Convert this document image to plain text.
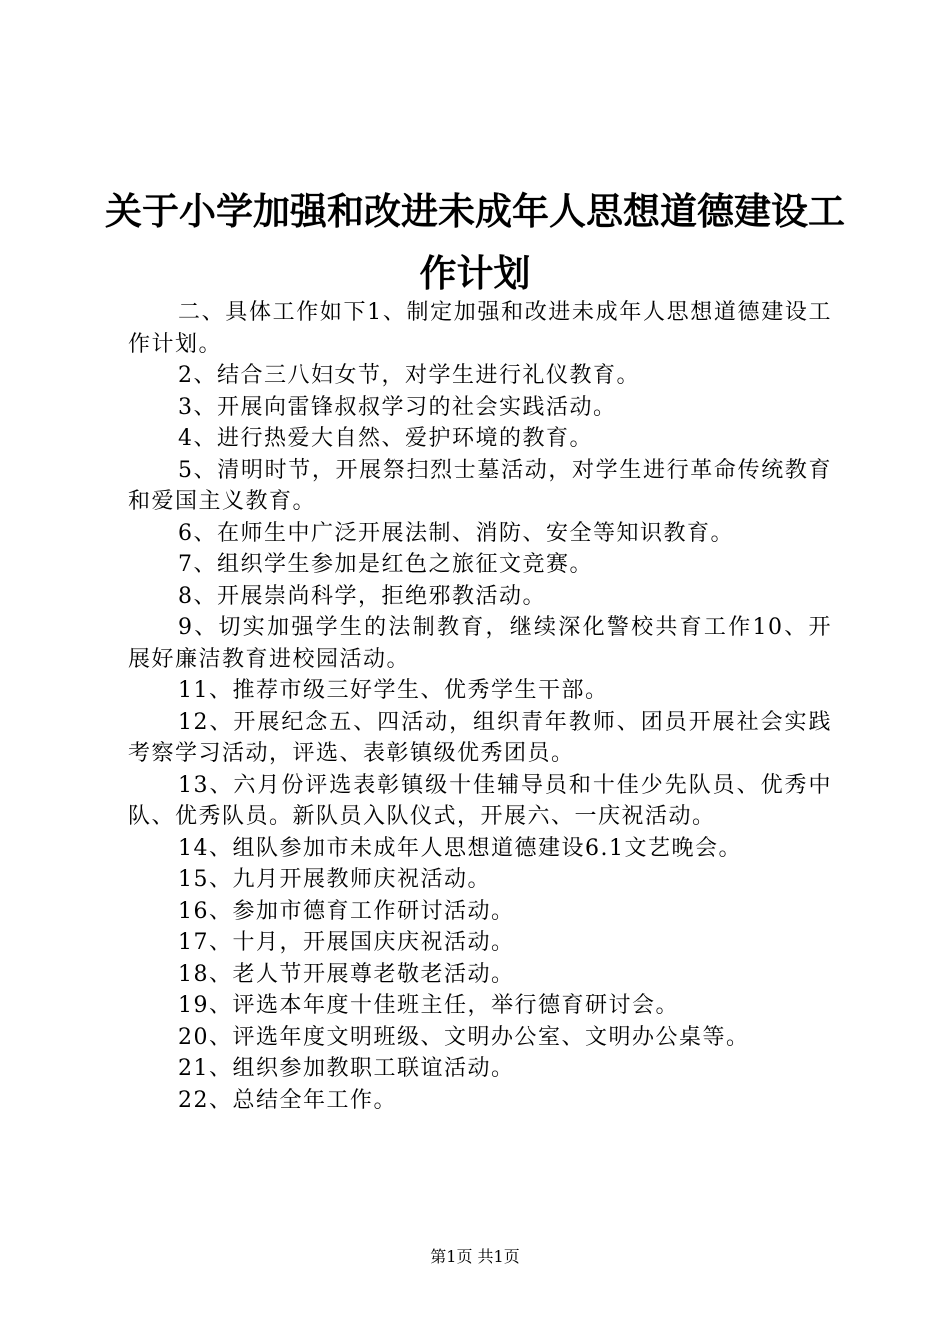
关于小学加强和改进未成年人思想道德建设工作计划

二、具体工作如下1、制定加强和改进未成年人思想道德建设工作计划。

2、结合三八妇女节，对学生进行礼仪教育。

3、开展向雷锋叔叔学习的社会实践活动。

4、进行热爱大自然、爱护环境的教育。

5、清明时节，开展祭扫烈士墓活动，对学生进行革命传统教育和爱国主义教育。

6、在师生中广泛开展法制、消防、安全等知识教育。

7、组织学生参加是红色之旅征文竞赛。

8、开展崇尚科学，拒绝邪教活动。

9、切实加强学生的法制教育，继续深化警校共育工作10、开展好廉洁教育进校园活动。

11、推荐市级三好学生、优秀学生干部。

12、开展纪念五、四活动，组织青年教师、团员开展社会实践考察学习活动，评选、表彰镇级优秀团员。

13、六月份评选表彰镇级十佳辅导员和十佳少先队员、优秀中队、优秀队员。新队员入队仪式，开展六、一庆祝活动。

14、组队参加市未成年人思想道德建设6.1文艺晚会。

15、九月开展教师庆祝活动。

16、参加市德育工作研讨活动。

17、十月，开展国庆庆祝活动。

18、老人节开展尊老敬老活动。

19、评选本年度十佳班主任，举行德育研讨会。

20、评选年度文明班级、文明办公室、文明办公桌等。

21、组织参加教职工联谊活动。

22、总结全年工作。

第1页 共1页
